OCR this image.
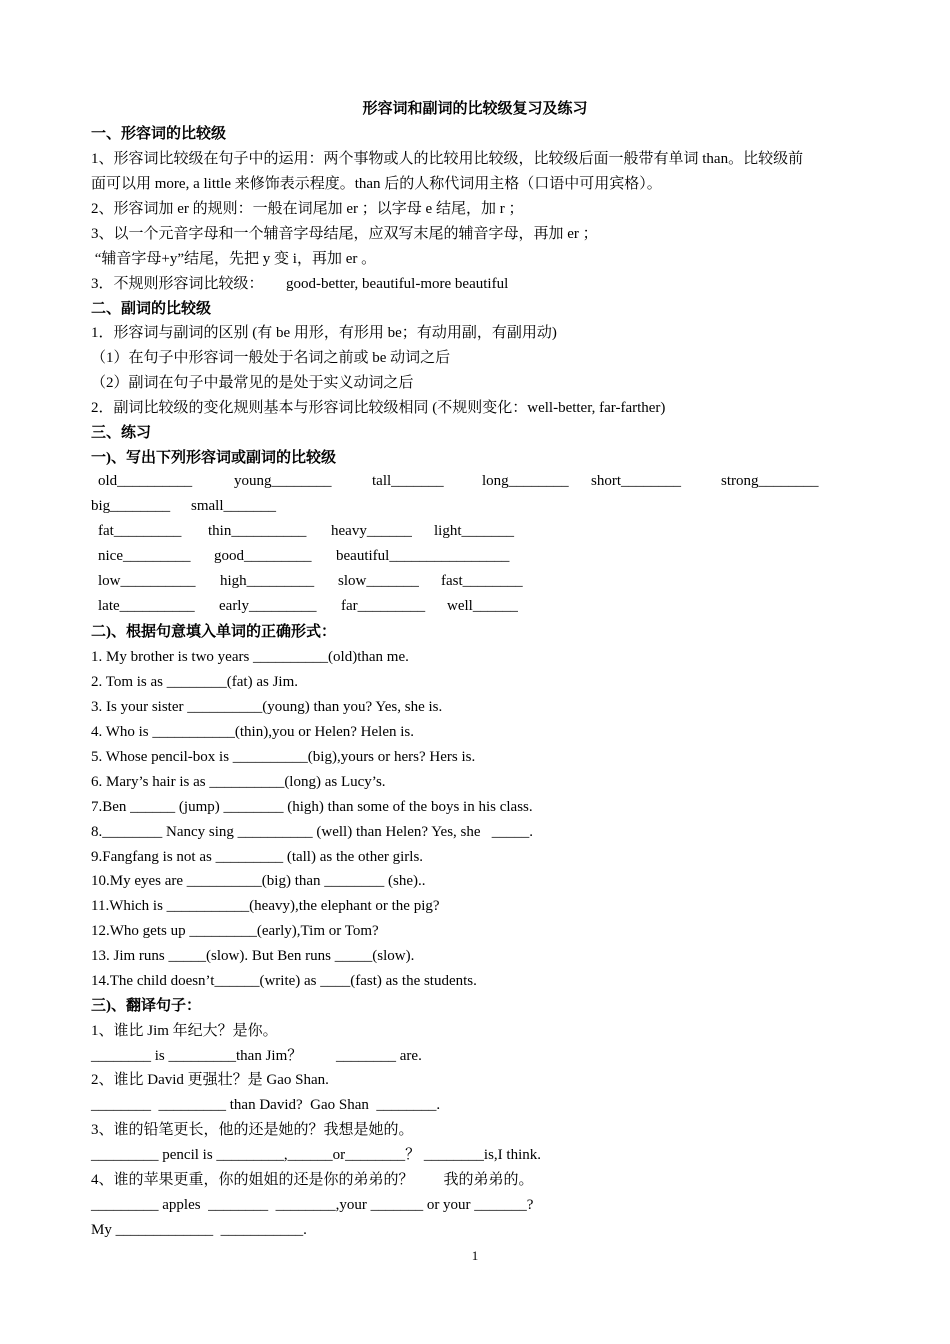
形容词和副词的比较级复习及练习
一、形容词的比较级
1、形容词比较级在句子中的运用：两个事物或人的比较用比较级，比较级后面一般带有单词 than。比较级前
面可以用 more, a little 来修饰表示程度。than 后的人称代词用主格（口语中可用宾格）。
2、形容词加 er 的规则：一般在词尾加 er ；以字母 e 结尾，加 r ；
3、以一个元音字母和一个辅音字母结尾，应双写末尾的辅音字母，再加 er ；
“辅音字母+y”结尾，先把 y 变 i，再加 er 。
3．不规则形容词比较级：      good-better, beautiful-more beautiful
二、副词的比较级
1．形容词与副词的区别 (有 be 用形，有形用 be；有动用副，有副用动)
（1）在句子中形容词一般处于名词之前或 be 动词之后
（2）副词在句子中最常见的是处于实义动词之后
2．副词比较级的变化规则基本与形容词比较级相同 (不规则变化：well-better, far-farther)
三、练习
一)、写出下列形容词或副词的比较级
old__________	young________	tall_______	long________ short________	strong________
big________ small_______
fat_________ thin__________ heavy______ light_______
nice_________ good_________ beautiful________________
low__________ high_________ slow_______ fast________
late__________ early_________ far_________ well______
二)、根据句意填入单词的正确形式：
1. My brother is two years __________(old)than me.
2. Tom is as ________(fat) as Jim.
3. Is your sister __________(young) than you? Yes, she is.
4. Who is ___________(thin),you or Helen? Helen is.
5. Whose pencil-box is __________(big),yours or hers? Hers is.
6. Mary’s hair is as __________(long) as Lucy’s.
7.Ben ______ (jump) ________ (high) than some of the boys in his class.
8.________ Nancy sing __________ (well) than Helen? Yes, she   _____.
9.Fangfang is not as _________ (tall) as the other girls.
10.My eyes are __________(big) than ________ (she)..
11.Which is ___________(heavy),the elephant or the pig?
12.Who gets up _________(early),Tim or Tom?
13. Jim runs _____(slow). But Ben runs _____(slow).
14.The child doesn’t______(write) as ____(fast) as the students.
三)、翻译句子：
1、谁比 Jim 年纪大？是你。
________ is _________than Jim？         ________ are.
2、谁比 David 更强壮？是 Gao Shan.
________  _________ than David?  Gao Shan  ________.
3、谁的铅笔更长，他的还是她的？我想是她的。
_________ pencil is _________,______or________？ ________is,I think.
4、谁的苹果更重，你的姐姐的还是你的弟弟的？        我的弟弟的。
_________ apples  ________  ________,your _______ or your _______?
My _____________  ___________.
1
